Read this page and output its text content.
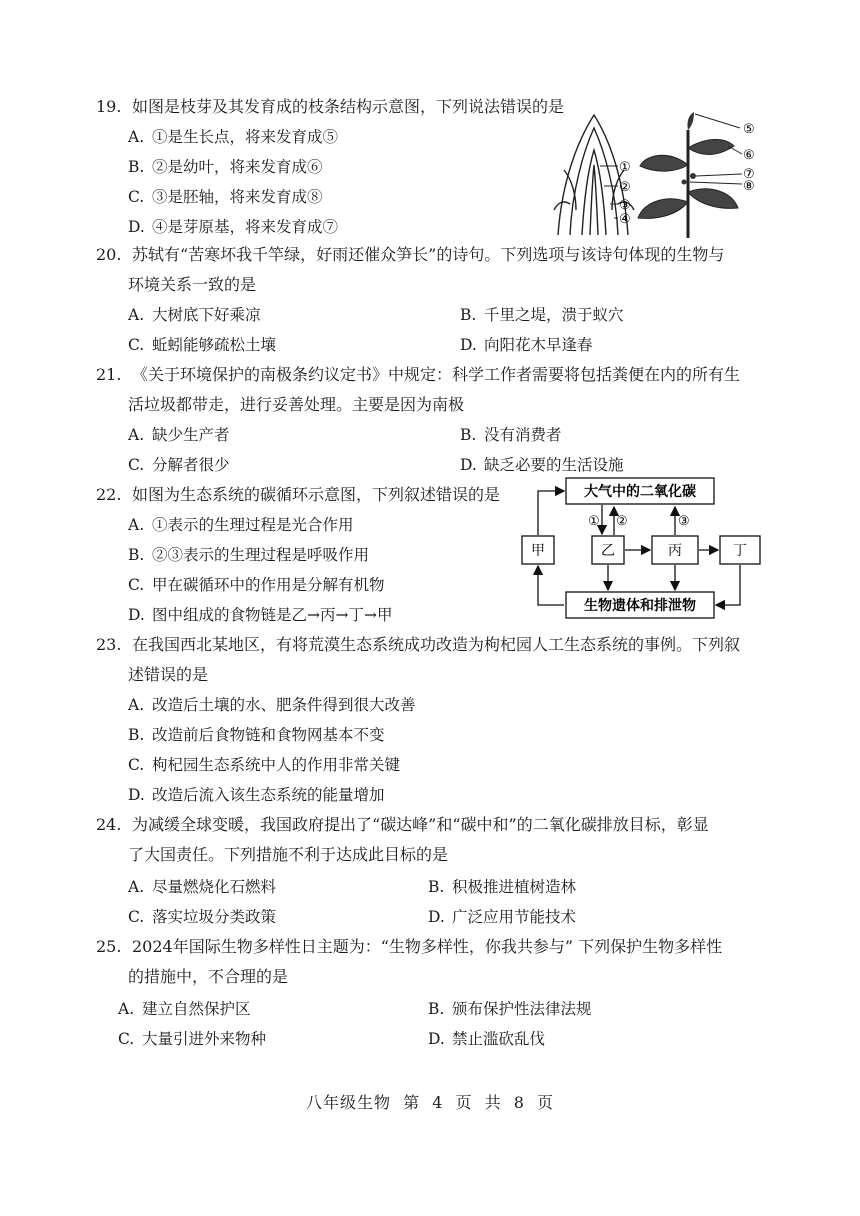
19. 如图是枝芽及其发育成的枝条结构示意图，下列说法错误的是
A. ①是生长点，将来发育成⑤
B. ②是幼叶，将来发育成⑥
C. ③是胚轴，将来发育成⑧
D. ④是芽原基，将来发育成⑦
①
②
③
④
⑤
⑥
⑦
⑧
20. 苏轼有“苦寒坏我千竿绿，好雨还催众笋长”的诗句。下列选项与该诗句体现的生物与
环境关系一致的是
A. 大树底下好乘凉	B. 千里之堤，溃于蚁穴
C. 蚯蚓能够疏松土壤	D. 向阳花木早逢春
21. 《关于环境保护的南极条约议定书》中规定：科学工作者需要将包括粪便在内的所有生
活垃圾都带走，进行妥善处理。主要是因为南极
A. 缺少生产者	B. 没有消费者
C. 分解者很少	D. 缺乏必要的生活设施
22. 如图为生态系统的碳循环示意图，下列叙述错误的是
A. ①表示的生理过程是光合作用
B. ②③表示的生理过程是呼吸作用
C. 甲在碳循环中的作用是分解有机物
D. 图中组成的食物链是乙→丙→丁→甲
大气中的二氧化碳
甲	乙	丙	丁
生物遗体和排泄物
① ②	③
23. 在我国西北某地区，有将荒漠生态系统成功改造为枸杞园人工生态系统的事例。下列叙
述错误的是
A. 改造后土壤的水、肥条件得到很大改善
B. 改造前后食物链和食物网基本不变
C. 枸杞园生态系统中人的作用非常关键
D. 改造后流入该生态系统的能量增加
24. 为减缓全球变暖，我国政府提出了“碳达峰”和“碳中和”的二氧化碳排放目标，彰显
了大国责任。下列措施不利于达成此目标的是
A. 尽量燃烧化石燃料	B. 积极推进植树造林
C. 落实垃圾分类政策	D. 广泛应用节能技术
25. 2024年国际生物多样性日主题为：“生物多样性，你我共参与” 下列保护生物多样性
的措施中，不合理的是
A. 建立自然保护区	B. 颁布保护性法律法规
C. 大量引进外来物种	D. 禁止滥砍乱伐
八年级生物 第 4 页 共 8 页
